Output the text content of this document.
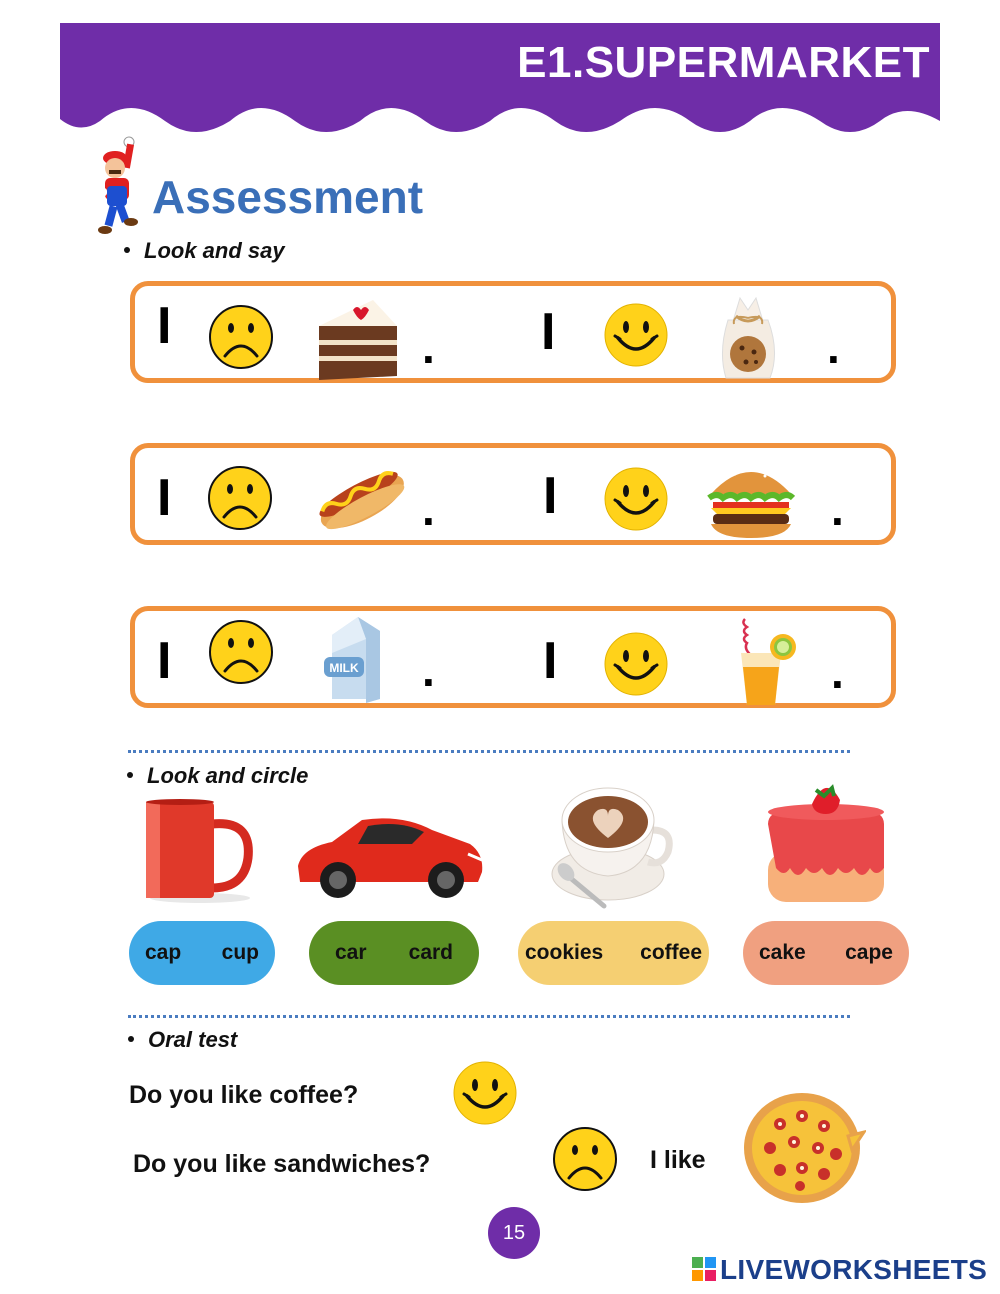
E1.SUPERMARKET
Assessment
Look and say
I	. I	.
I	. I	.
I	MILK . I	.
Look and circle
cap cup	car card	cookies coffee	cake cape
Oral test
Do you like coffee?
Do you like sandwiches?	I like
15
LIVEWORKSHEETS
